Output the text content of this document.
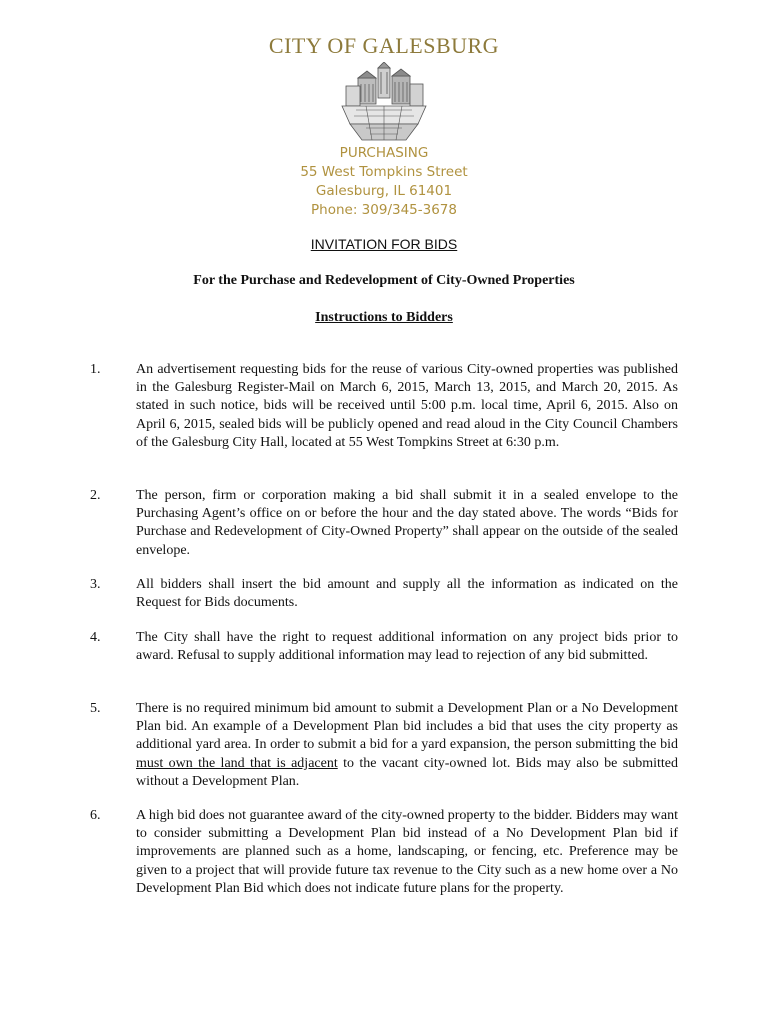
CITY OF GALESBURG
PURCHASING
55 West Tompkins Street
Galesburg, IL 61401
Phone: 309/345-3678
INVITATION FOR BIDS
For the Purchase and Redevelopment of City-Owned Properties
Instructions to Bidders
1.	An advertisement requesting bids for the reuse of various City-owned properties was published in the Galesburg Register-Mail on March 6, 2015, March 13, 2015, and March 20, 2015. As stated in such notice, bids will be received until 5:00 p.m. local time, April 6, 2015. Also on April 6, 2015, sealed bids will be publicly opened and read aloud in the City Council Chambers of the Galesburg City Hall, located at 55 West Tompkins Street at 6:30 p.m.
2.	The person, firm or corporation making a bid shall submit it in a sealed envelope to the Purchasing Agent’s office on or before the hour and the day stated above. The words “Bids for Purchase and Redevelopment of City-Owned Property” shall appear on the outside of the sealed envelope.
3.	All bidders shall insert the bid amount and supply all the information as indicated on the Request for Bids documents.
4.	The City shall have the right to request additional information on any project bids prior to award. Refusal to supply additional information may lead to rejection of any bid submitted.
5.	There is no required minimum bid amount to submit a Development Plan or a No Development Plan bid. An example of a Development Plan bid includes a bid that uses the city property as additional yard area. In order to submit a bid for a yard expansion, the person submitting the bid must own the land that is adjacent to the vacant city-owned lot. Bids may also be submitted without a Development Plan.
6.	A high bid does not guarantee award of the city-owned property to the bidder. Bidders may want to consider submitting a Development Plan bid instead of a No Development Plan bid if improvements are planned such as a home, landscaping, or fencing, etc. Preference may be given to a project that will provide future tax revenue to the City such as a new home over a No Development Plan Bid which does not indicate future plans for the property.
